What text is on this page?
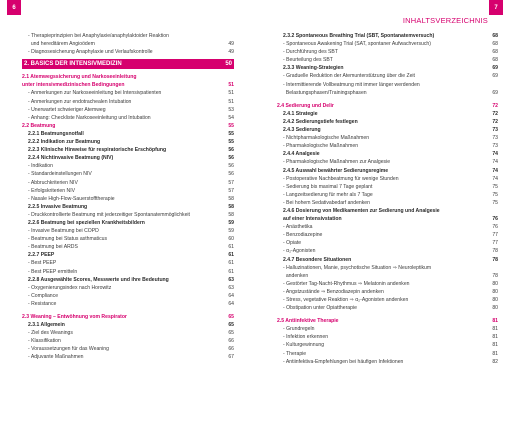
6
- Therapieprinzipien bei Anaphylaxie/anaphylaktoider Reaktion
und hereditärem Angioödem	49
- Diagnosesicherung Anaphylaxie und Verlaufskontrolle	49
2. BASICS DER INTENSIVMEDIZIN	50
2.1 Atemwegssicherung und Narkoseeinleitung
unter intensivmedizinischen Bedingungen	51
- Anmerkungen zur Narkoseeinleitung bei Intensivpatienten	51
- Anmerkungen zur endotrachealen Intubation	51
- Unerwartet schwieriger Atemweg	53
- Anhang: Checkliste Narkoseeinleitung und Intubation	54
2.2 Beatmung	55
2.2.1 Beatmungsnotfall	55
2.2.2 Indikation zur Beatmung	55
2.2.3 Klinische Hinweise für respiratorische Erschöpfung	56
2.2.4 Nichtinvasive Beatmung (NIV)	56
- Indikation	56
- Standardeinstellungen NIV	56
- Abbruchkriterien NIV	57
- Erfolgskriterien NIV	57
- Nasale High-Flow-Sauerstofftherapie	58
2.2.5 Invasive Beatmung	58
- Druckkontrollierte Beatmung mit jederzeitiger Spontanatemmöglichkeit	58
2.2.6 Beatmung bei speziellen Krankheitsbildern	59
- Invasive Beatmung bei COPD	59
- Beatmung bei Status asthmaticus	60
- Beatmung bei ARDS	61
2.2.7 PEEP	61
- Best PEEP	61
- Best PEEP ermitteln	61
2.2.8 Ausgewählte Scores, Messwerte und ihre Bedeutung	63
- Oxygenierungsindex nach Horowitz	63
- Compliance	64
- Resistance	64
2.3 Weaning – Entwöhnung vom Respirator	65
2.3.1 Allgemein	65
- Ziel des Weanings	65
- Klassifikation	66
- Voraussetzungen für das Weaning	66
- Adjuvante Maßnahmen	67
7
INHALTSVERZEICHNIS
2.3.2 Spontaneous Breathing Trial (SBT, Spontanatemversuch)	68
- Spontaneous Awakening Trial (SAT, spontaner Aufwachversuch)	68
- Durchführung des SBT	68
- Beurteilung des SBT	68
2.3.3 Weaning-Strategien	69
- Graduelle Reduktion der Atemunterstützung über die Zeit	69
- Intermittierende Vollbeatmung mit immer länger werdenden
Belastungsphasen/Trainingsphasen	69
2.4 Sedierung und Delir	72
2.4.1 Strategie	72
2.4.2 Sedierungstiefe festlegen	72
2.4.3 Sedierung	73
- Nichtpharmakologische Maßnahmen	73
- Pharmakologische Maßnahmen	73
2.4.4 Analgesie	74
- Pharmakologische Maßnahmen zur Analgesie	74
2.4.5 Auswahl bewährter Sedierungsregime	74
- Postoperative Nachbeatmung für wenige Stunden	74
- Sedierung bis maximal 7 Tage geplant	75
- Langzeitsedierung für mehr als 7 Tage	75
- Bei hohem Sedativabedarf andenken	75
2.4.6 Dosierung von Medikamenten zur Sedierung und Analgesie
auf einer Intensivstation	76
- Anästhetika	76
- Benzodiazepine	77
- Opiate	77
- α₂-Agonisten	78
2.4.7 Besondere Situationen	78
- Halluzinationen, Manie, psychotische Situation ⇒ Neuroleptikum
andenken	78
- Gestörter Tag-Nacht-Rhythmus ⇒ Melatonin andenken	80
- Angstzustände ⇒ Benzodiazepin andenken	80
- Stress, vegetative Reaktion ⇒ α₂-Agonisten andenken	80
- Obstipation unter Opiattherapie	80
2.5 Antiinfektive Therapie	81
- Grundregeln	81
- Infektion erkennen	81
- Kulturgewinnung	81
- Therapie	81
- Antiinfektiva-Empfehlungen bei häufigen Infektionen	82
